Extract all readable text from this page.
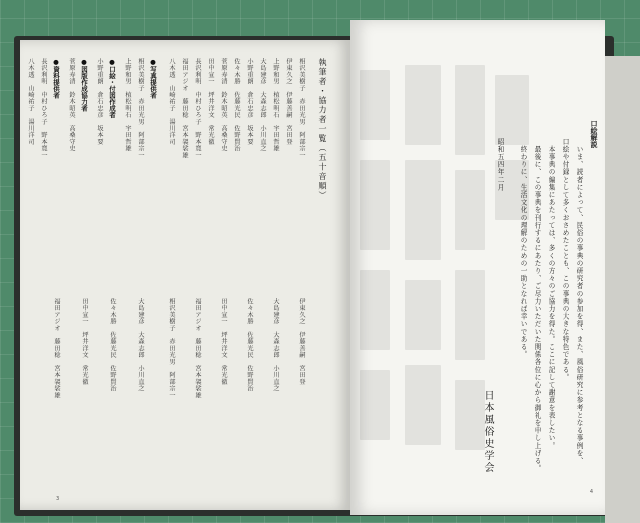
執筆者・協力者一覧（五十音順）
相沢美樹子　赤田光男　阿部宗一
伊東久之　伊藤善嗣　宮田登
上野和男　植松明石　宇田哲雄
大島建彦　大森志郎　小川直之
小野重朗　倉石忠彦　坂本要
佐々木勝　佐藤光民　佐野賢治
菅原寿清　鈴木昭英　高桑守史
田中宣一　坪井洋文　常光徹
長沢利明　中村ひろ子　野本寛一
福田アジオ　藤田稔　宮本袈裟雄
八木透　山崎祐子　湯川洋司
●写真提供者
相沢美樹子　赤田光男　阿部宗一
上野和男　植松明石　宇田哲雄
●口絵・付図作成者
小野重朗　倉石忠彦　坂本要
●図版作成協力者
菅原寿清　鈴木昭英　高桑守史
●資料提供者
長沢利明　中村ひろ子　野本寛一
八木透　山崎祐子　湯川洋司
伊東久之　伊藤善嗣　宮田登
大島建彦　大森志郎　小川直之
佐々木勝　佐藤光民　佐野賢治
田中宣一　坪井洋文　常光徹
福田アジオ　藤田稔　宮本袈裟雄
相沢美樹子　赤田光男　阿部宗一
大島建彦　大森志郎　小川直之
佐々木勝　佐藤光民　佐野賢治
田中宣一　坪井洋文　常光徹
福田アジオ　藤田稔　宮本袈裟雄
3
口絵解説
　いま、読者によって、民俗の事典の研究者の参加を得、また、風俗研究に参考となる事例を、
口絵や付録として多くおさめたことも、この事典の大きな特色である。
　本事典の編集にあたっては、多くの方々のご協力を得た。ここに記して謝意を表したい。
　最後に、この事典を刊行するにあたり、ご尽力いただいた関係各位に心から御礼を申し上げる。
　終わりに、生活文化の理解のための一助となれば幸いである。
昭和五四年二月
日本風俗史学会
4
